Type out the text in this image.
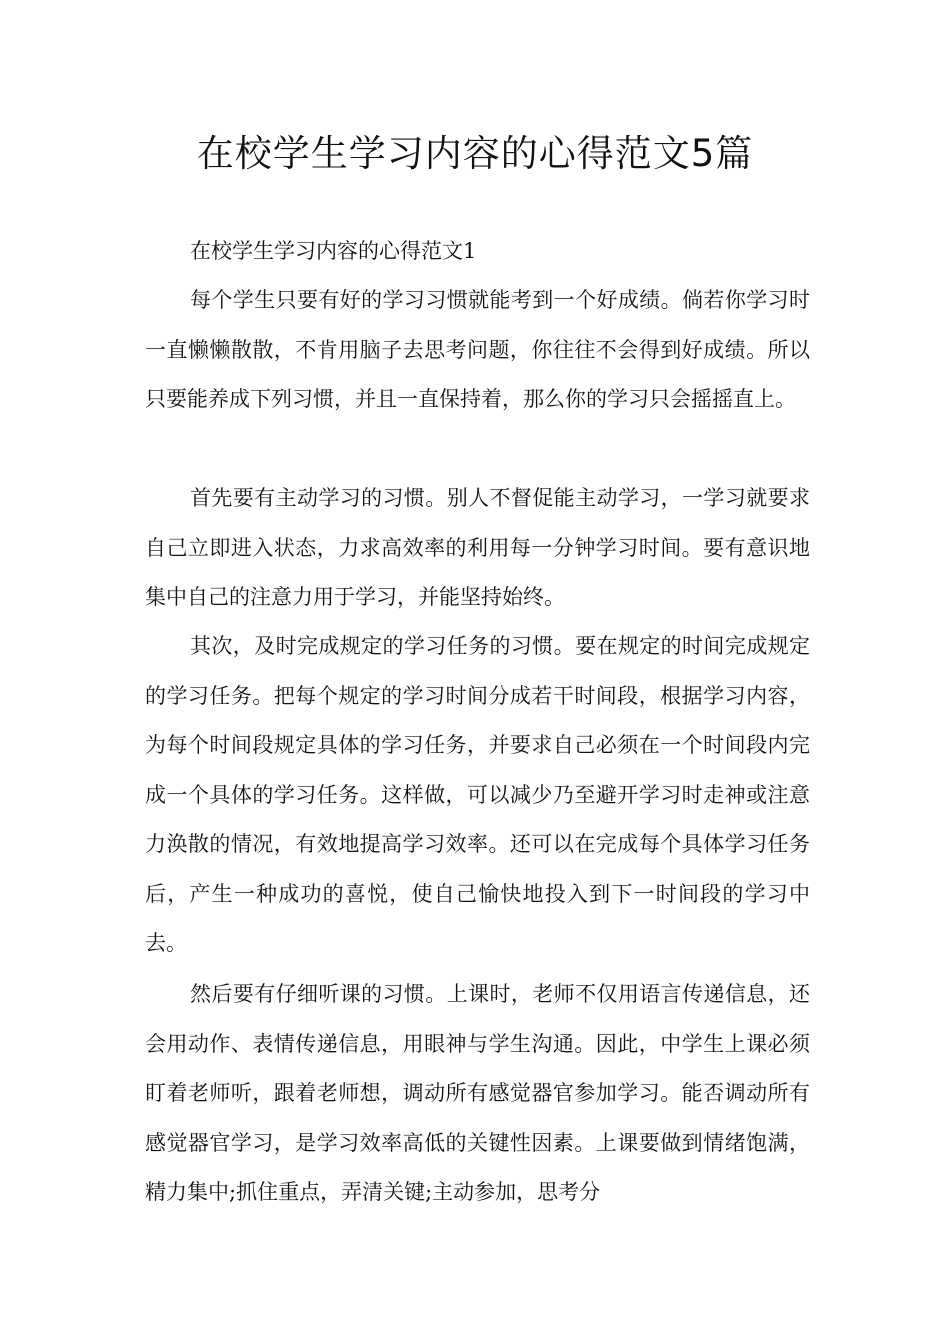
在校学生学习内容的心得范文5篇
在校学生学习内容的心得范文1
每个学生只要有好的学习习惯就能考到一个好成绩。倘若你学习时一直懒懒散散，不肯用脑子去思考问题，你往往不会得到好成绩。所以只要能养成下列习惯，并且一直保持着，那么你的学习只会摇摇直上。
首先要有主动学习的习惯。别人不督促能主动学习，一学习就要求自己立即进入状态，力求高效率的利用每一分钟学习时间。要有意识地集中自己的注意力用于学习，并能坚持始终。
其次，及时完成规定的学习任务的习惯。要在规定的时间完成规定的学习任务。把每个规定的学习时间分成若干时间段，根据学习内容，为每个时间段规定具体的学习任务，并要求自己必须在一个时间段内完成一个具体的学习任务。这样做，可以减少乃至避开学习时走神或注意力涣散的情况，有效地提高学习效率。还可以在完成每个具体学习任务后，产生一种成功的喜悦，使自己愉快地投入到下一时间段的学习中去。
然后要有仔细听课的习惯。上课时，老师不仅用语言传递信息，还会用动作、表情传递信息，用眼神与学生沟通。因此，中学生上课必须盯着老师听，跟着老师想，调动所有感觉器官参加学习。能否调动所有感觉器官学习，是学习效率高低的关键性因素。上课要做到情绪饱满，精力集中;抓住重点，弄清关键;主动参加，思考分
